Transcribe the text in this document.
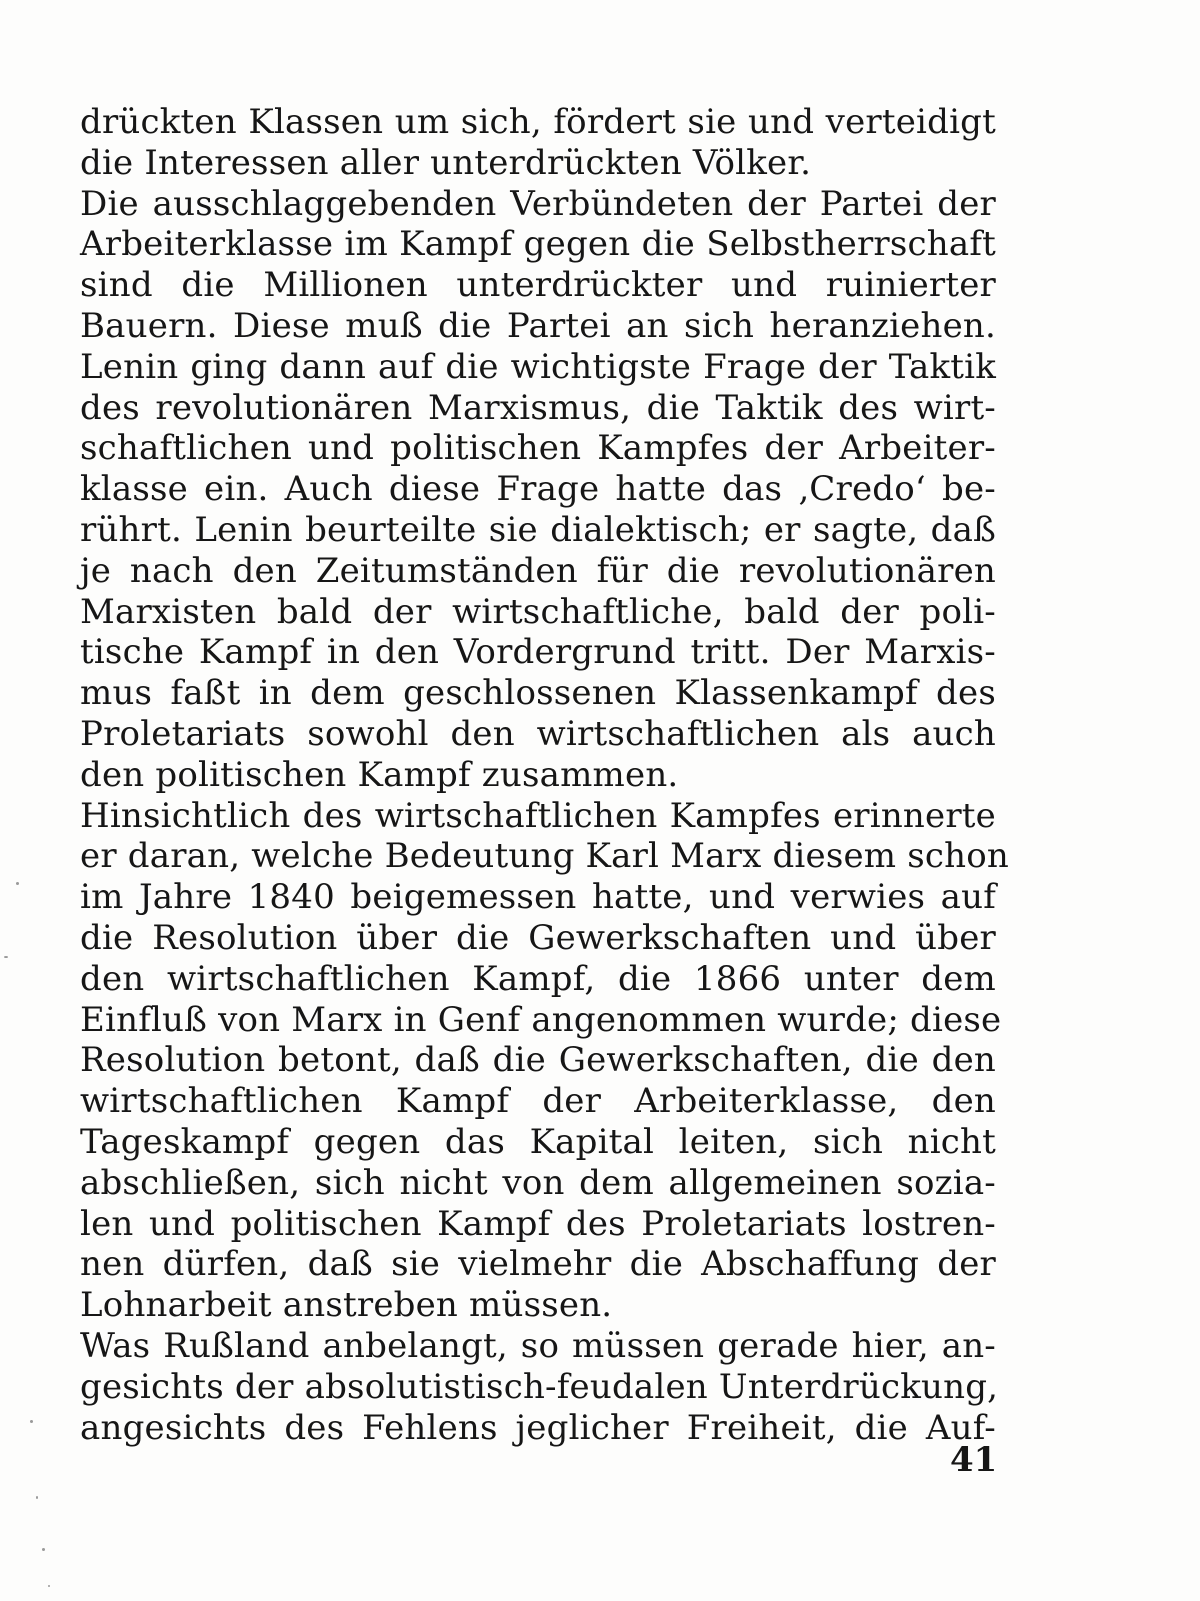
drückten Klassen um sich, fördert sie und verteidigt
die Interessen aller unterdrückten Völker.
Die ausschlaggebenden Verbündeten der Partei der
Arbeiterklasse im Kampf gegen die Selbstherrschaft
sind die Millionen unterdrückter und ruinierter
Bauern. Diese muß die Partei an sich heranziehen.
Lenin ging dann auf die wichtigste Frage der Taktik
des revolutionären Marxismus, die Taktik des wirt-
schaftlichen und politischen Kampfes der Arbeiter-
klasse ein. Auch diese Frage hatte das ‚Credo‘ be-
rührt. Lenin beurteilte sie dialektisch; er sagte, daß
je nach den Zeitumständen für die revolutionären
Marxisten bald der wirtschaftliche, bald der poli-
tische Kampf in den Vordergrund tritt. Der Marxis-
mus faßt in dem geschlossenen Klassenkampf des
Proletariats sowohl den wirtschaftlichen als auch
den politischen Kampf zusammen.
Hinsichtlich des wirtschaftlichen Kampfes erinnerte
er daran, welche Bedeutung Karl Marx diesem schon
im Jahre 1840 beigemessen hatte, und verwies auf
die Resolution über die Gewerkschaften und über
den wirtschaftlichen Kampf, die 1866 unter dem
Einfluß von Marx in Genf angenommen wurde; diese
Resolution betont, daß die Gewerkschaften, die den
wirtschaftlichen Kampf der Arbeiterklasse, den
Tageskampf gegen das Kapital leiten, sich nicht
abschließen, sich nicht von dem allgemeinen sozia-
len und politischen Kampf des Proletariats lostren-
nen dürfen, daß sie vielmehr die Abschaffung der
Lohnarbeit anstreben müssen.
Was Rußland anbelangt, so müssen gerade hier, an-
gesichts der absolutistisch-feudalen Unterdrückung,
angesichts des Fehlens jeglicher Freiheit, die Auf-
41
